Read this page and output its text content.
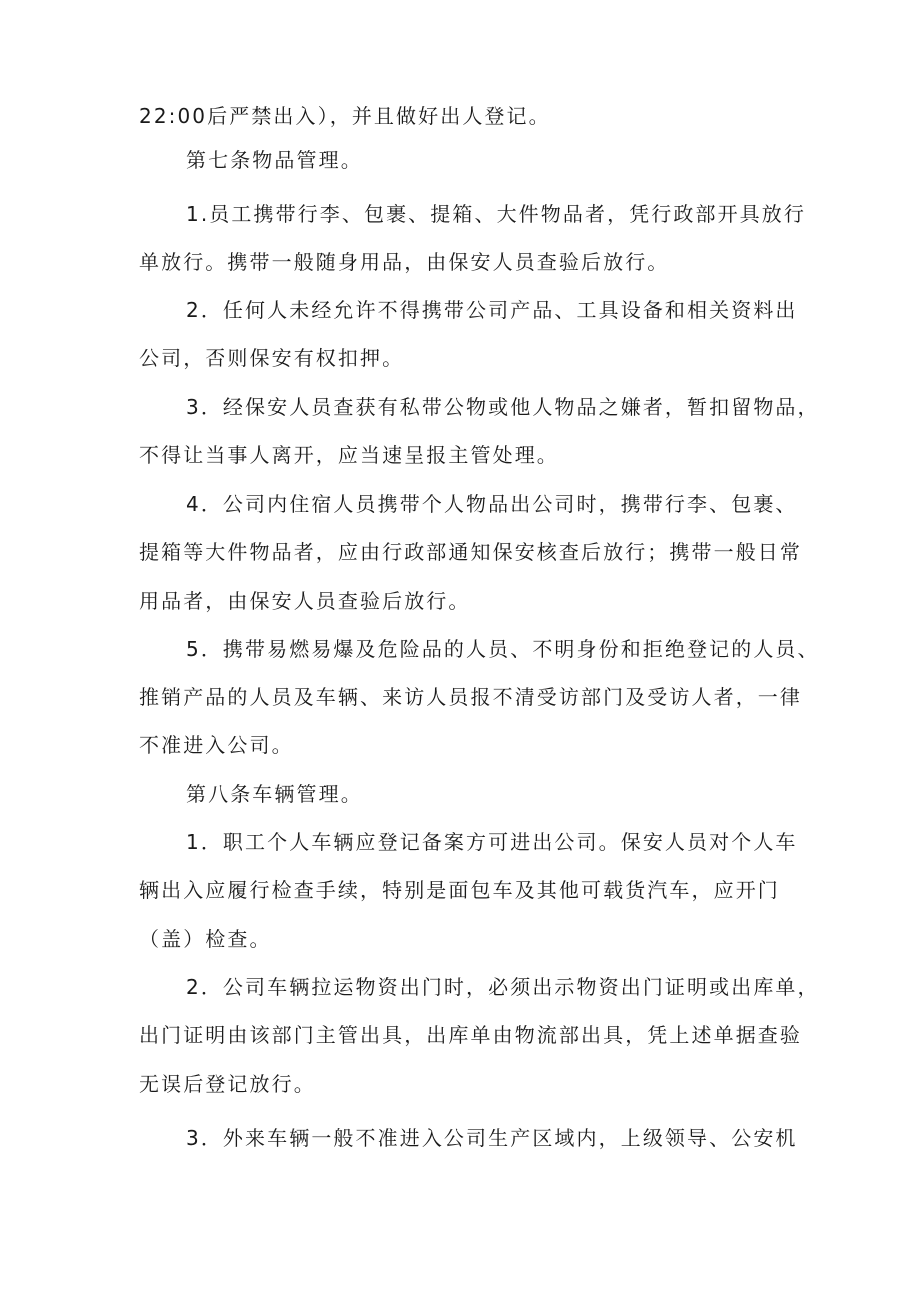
22:00后严禁出入），并且做好出人登记。
第七条物品管理。
1.员工携带行李、包裹、提箱、大件物品者，凭行政部开具放行
单放行。携带一般随身用品，由保安人员查验后放行。
2．任何人未经允许不得携带公司产品、工具设备和相关资料出
公司，否则保安有权扣押。
3．经保安人员查获有私带公物或他人物品之嫌者，暂扣留物品，
不得让当事人离开，应当速呈报主管处理。
4．公司内住宿人员携带个人物品出公司时，携带行李、包裹、
提箱等大件物品者，应由行政部通知保安核查后放行；携带一般日常
用品者，由保安人员查验后放行。
5．携带易燃易爆及危险品的人员、不明身份和拒绝登记的人员、
推销产品的人员及车辆、来访人员报不清受访部门及受访人者，一律
不准进入公司。
第八条车辆管理。
1．职工个人车辆应登记备案方可进出公司。保安人员对个人车
辆出入应履行检查手续，特别是面包车及其他可载货汽车，应开门
（盖）检查。
2．公司车辆拉运物资出门时，必须出示物资出门证明或出库单，
出门证明由该部门主管出具，出库单由物流部出具，凭上述单据查验
无误后登记放行。
3．外来车辆一般不准进入公司生产区域内，上级领导、公安机
